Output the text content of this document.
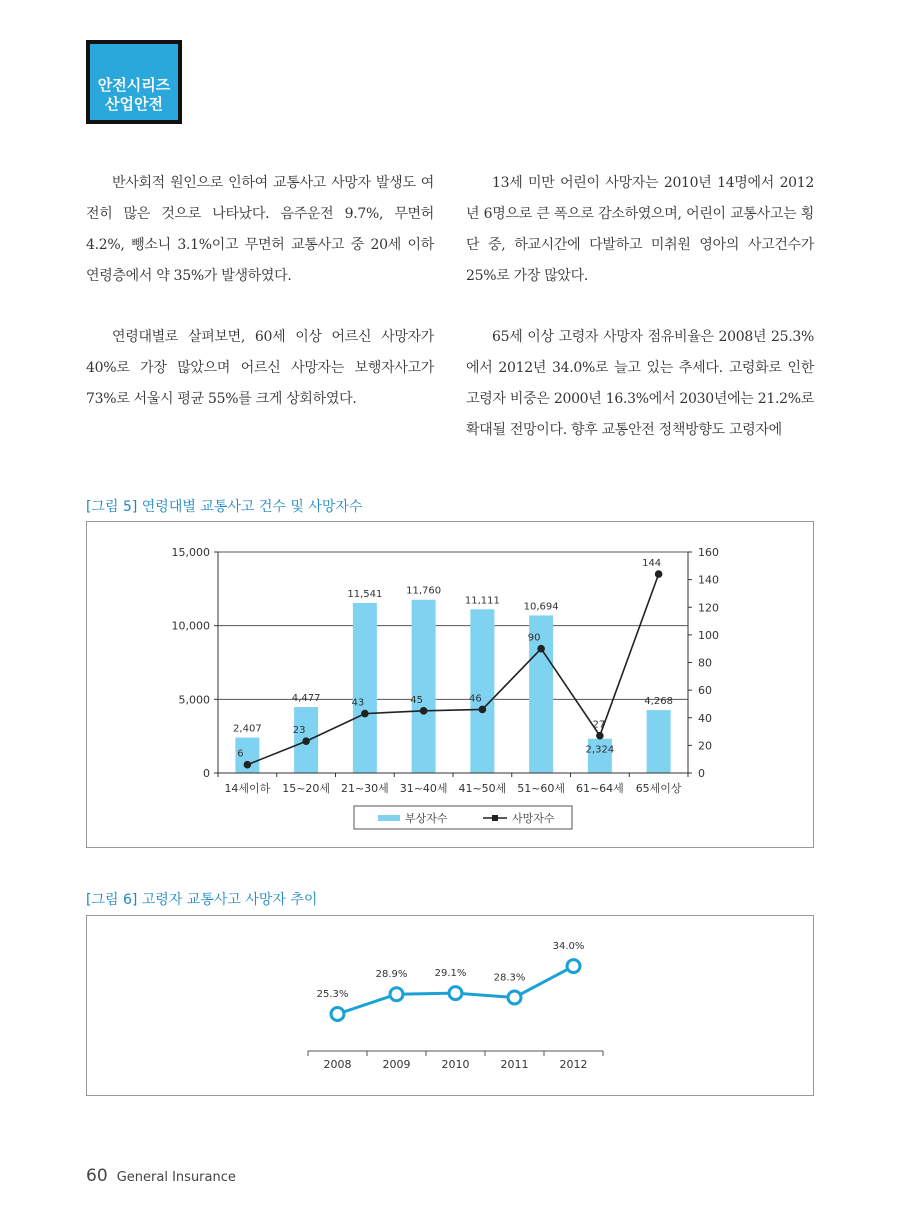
안전시리즈
산업안전

반사회적 원인으로 인하여 교통사고 사망자 발생도 여전히 많은 것으로 나타났다. 음주운전 9.7%, 무면허 4.2%, 뺑소니 3.1%이고 무면허 교통사고 중 20세 이하 연령층에서 약 35%가 발생하였다.

연령대별로 살펴보면, 60세 이상 어르신 사망자가 40%로 가장 많았으며 어르신 사망자는 보행자사고가 73%로 서울시 평균 55%를 크게 상회하였다.

13세 미만 어린이 사망자는 2010년 14명에서 2012년 6명으로 큰 폭으로 감소하였으며, 어린이 교통사고는 횡단 중, 하교시간에 다발하고 미취원 영아의 사고건수가 25%로 가장 많았다.

65세 이상 고령자 사망자 점유비율은 2008년 25.3%에서 2012년 34.0%로 늘고 있는 추세다. 고령화로 인한 고령자 비중은 2000년 16.3%에서 2030년에는 21.2%로 확대될 전망이다. 향후 교통안전 정책방향도 고령자에

[그림 5] 연령대별 교통사고 건수 및 사망자수
0
5,000
10,000
15,000
0
20
40
60
80
100
120
140
160
14세이하 15~20세 21~30세 31~40세 41~50세 51~60세 61~64세 65세이상
2,407
4,477
11,541 11,760
11,111
10,694
2,324
4,268
6
23
43	45	46
90
27
144
부상자수	사망자수
[그림 6] 고령자 교통사고 사망자 추이
2008	2009	2010	2011	2012
25.3%
28.9%	29.1%	28.3%
34.0%
60 General Insurance
